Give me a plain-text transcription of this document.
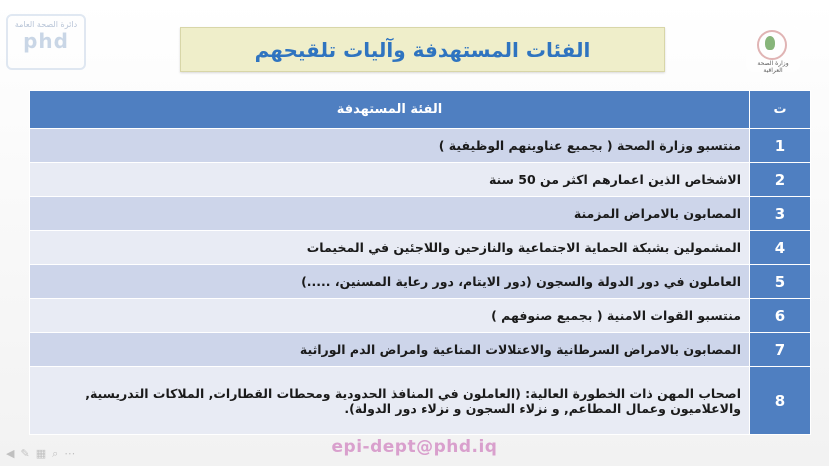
دائرة الصحة العامة
phd	الفئات المستهدفة وآليات تلقيحهم
وزارة الصحة العراقية
ت	الفئة المستهدفة
1	منتسبو وزارة الصحة ( بجميع عناوينهم الوظيفية )
2	الاشخاص الذين اعمارهم اكثر من 50 سنة
3	المصابون بالامراض المزمنة
4	المشمولين بشبكة الحماية الاجتماعية والنازحين واللاجئين في المخيمات
5	العاملون في دور الدولة والسجون (دور الايتام، دور رعاية المسنين، .....)
6	منتسبو القوات الامنية ( بجميع صنوفهم )
7	المصابون بالامراض السرطانية والاعتلالات المناعية وامراض الدم الوراثية
8	اصحاب المهن ذات الخطورة العالية: (العاملون في المنافذ الحدودية ومحطات القطارات, الملاكات التدريسية, والاعلاميون وعمال المطاعم, و نزلاء السجون و نزلاء دور الدولة).
epi-dept@phd.iq
◀ ✎ ▦ ⌕ ⋯
